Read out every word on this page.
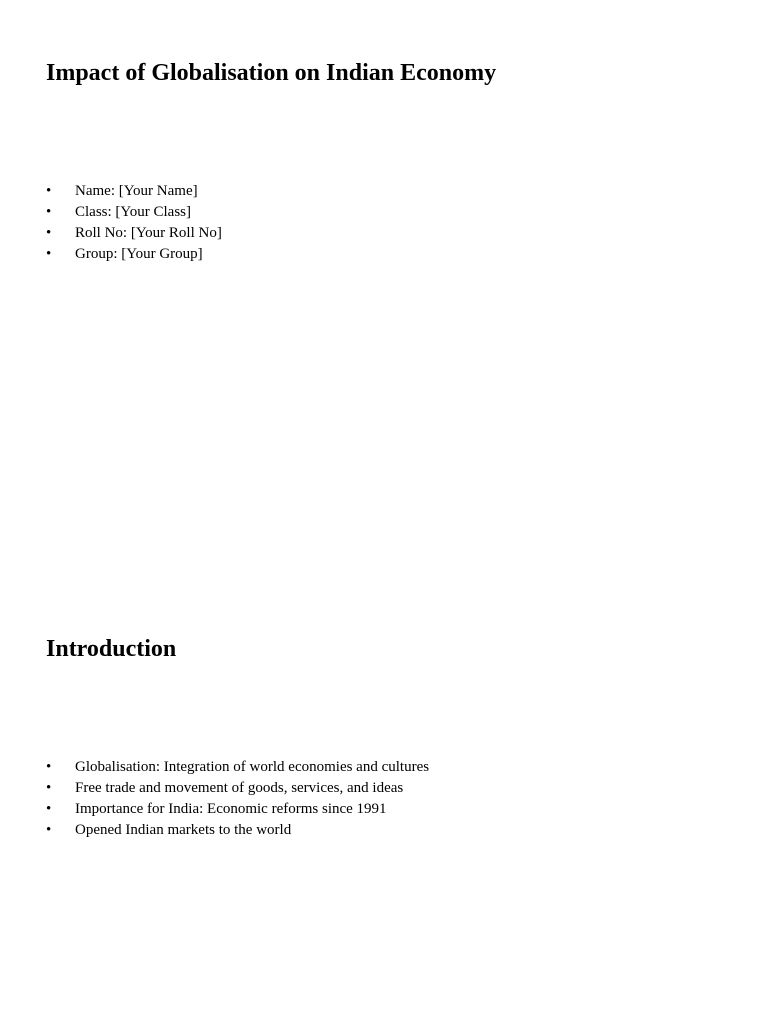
Impact of Globalisation on Indian Economy
• Name: [Your Name]
• Class: [Your Class]
• Roll No: [Your Roll No]
• Group: [Your Group]
Introduction
• Globalisation: Integration of world economies and cultures
• Free trade and movement of goods, services, and ideas
• Importance for India: Economic reforms since 1991
• Opened Indian markets to the world
